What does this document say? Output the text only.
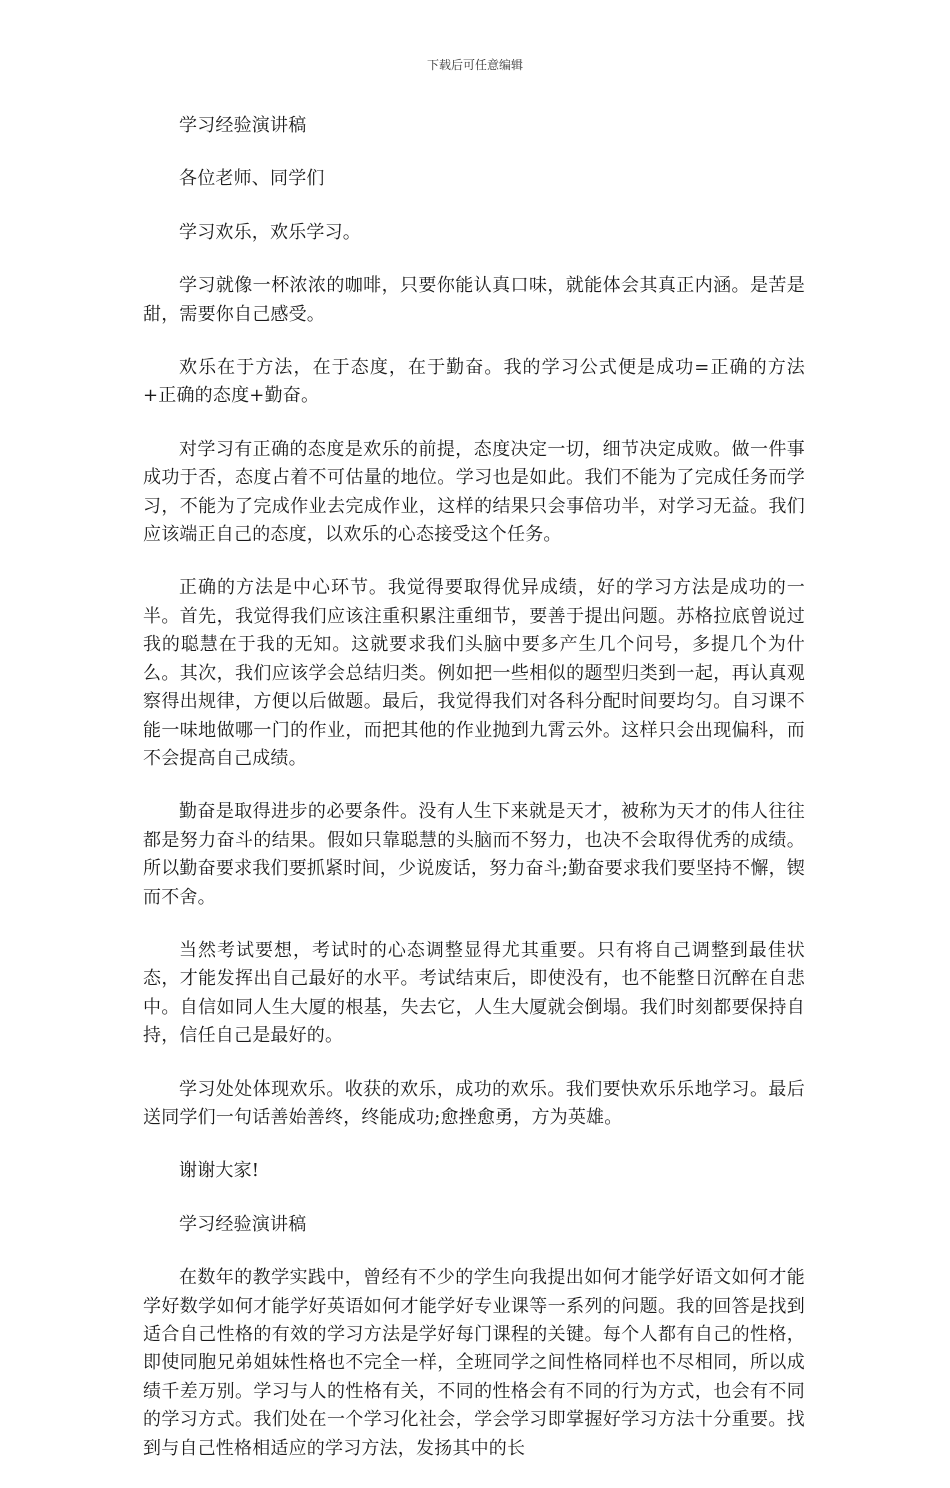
下载后可任意编辑

学习经验演讲稿

各位老师、同学们

学习欢乐，欢乐学习。

学习就像一杯浓浓的咖啡，只要你能认真口味，就能体会其真正内涵。是苦是甜，需要你自己感受。

欢乐在于方法，在于态度，在于勤奋。我的学习公式便是成功=正确的方法+正确的态度+勤奋。

对学习有正确的态度是欢乐的前提，态度决定一切，细节决定成败。做一件事成功于否，态度占着不可估量的地位。学习也是如此。我们不能为了完成任务而学习，不能为了完成作业去完成作业，这样的结果只会事倍功半，对学习无益。我们应该端正自己的态度，以欢乐的心态接受这个任务。

正确的方法是中心环节。我觉得要取得优异成绩，好的学习方法是成功的一半。首先，我觉得我们应该注重积累注重细节，要善于提出问题。苏格拉底曾说过我的聪慧在于我的无知。这就要求我们头脑中要多产生几个问号，多提几个为什么。其次，我们应该学会总结归类。例如把一些相似的题型归类到一起，再认真观察得出规律，方便以后做题。最后，我觉得我们对各科分配时间要均匀。自习课不能一味地做哪一门的作业，而把其他的作业抛到九霄云外。这样只会出现偏科，而不会提高自己成绩。

勤奋是取得进步的必要条件。没有人生下来就是天才，被称为天才的伟人往往都是努力奋斗的结果。假如只靠聪慧的头脑而不努力，也决不会取得优秀的成绩。所以勤奋要求我们要抓紧时间，少说废话，努力奋斗;勤奋要求我们要坚持不懈，锲而不舍。

当然考试要想，考试时的心态调整显得尤其重要。只有将自己调整到最佳状态，才能发挥出自己最好的水平。考试结束后，即使没有，也不能整日沉醉在自悲中。自信如同人生大厦的根基，失去它，人生大厦就会倒塌。我们时刻都要保持自持，信任自己是最好的。

学习处处体现欢乐。收获的欢乐，成功的欢乐。我们要快欢乐乐地学习。最后送同学们一句话善始善终，终能成功;愈挫愈勇，方为英雄。

谢谢大家!

学习经验演讲稿

在数年的教学实践中，曾经有不少的学生向我提出如何才能学好语文如何才能学好数学如何才能学好英语如何才能学好专业课等一系列的问题。我的回答是找到适合自己性格的有效的学习方法是学好每门课程的关键。每个人都有自己的性格，即使同胞兄弟姐妹性格也不完全一样，全班同学之间性格同样也不尽相同，所以成绩千差万别。学习与人的性格有关，不同的性格会有不同的行为方式，也会有不同的学习方式。我们处在一个学习化社会，学会学习即掌握好学习方法十分重要。找到与自己性格相适应的学习方法，发扬其中的长
